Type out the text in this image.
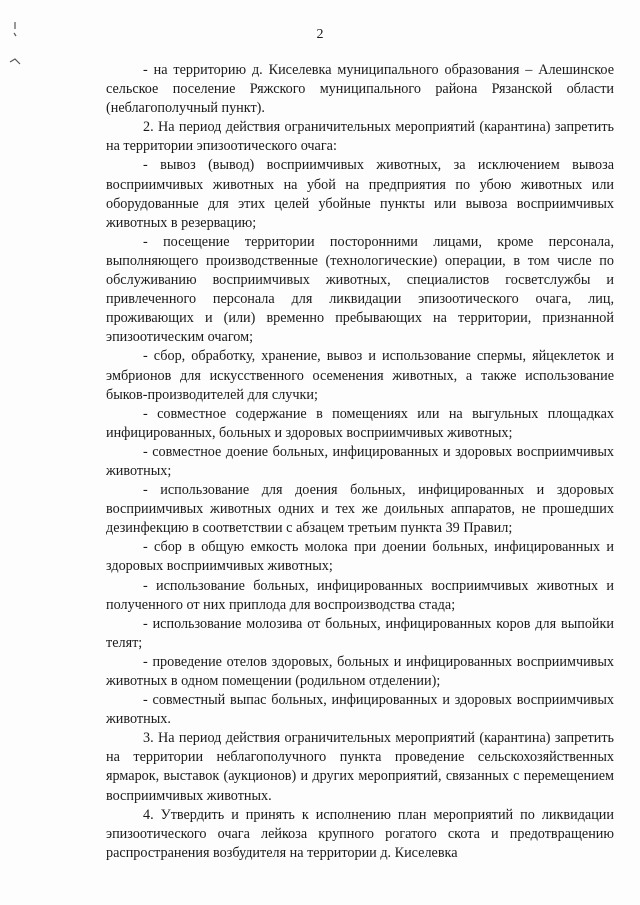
2

- на территорию д. Киселевка муниципального образования – Алешинское сельское поселение Ряжского муниципального района Рязанской области (неблагополучный пункт).

2. На период действия ограничительных мероприятий (карантина) запретить на территории эпизоотического очага:

- вывоз (вывод) восприимчивых животных, за исключением вывоза восприимчивых животных на убой на предприятия по убою животных или оборудованные для этих целей убойные пункты или вывоза восприимчивых животных в резервацию;

- посещение территории посторонними лицами, кроме персонала, выполняющего производственные (технологические) операции, в том числе по обслуживанию восприимчивых животных, специалистов госветслужбы и привлеченного персонала для ликвидации эпизоотического очага, лиц, проживающих и (или) временно пребывающих на территории, признанной эпизоотическим очагом;

- сбор, обработку, хранение, вывоз и использование спермы, яйцеклеток и эмбрионов для искусственного осеменения животных, а также использование быков-производителей для случки;

- совместное содержание в помещениях или на выгульных площадках инфицированных, больных и здоровых восприимчивых животных;

- совместное доение больных, инфицированных и здоровых восприимчивых животных;

- использование для доения больных, инфицированных и здоровых восприимчивых животных одних и тех же доильных аппаратов, не прошедших дезинфекцию в соответствии с абзацем третьим пункта 39 Правил;

- сбор в общую емкость молока при доении больных, инфицированных и здоровых восприимчивых животных;

- использование больных, инфицированных восприимчивых животных и полученного от них приплода для воспроизводства стада;

- использование молозива от больных, инфицированных коров для выпойки телят;

- проведение отелов здоровых, больных и инфицированных восприимчивых животных в одном помещении (родильном отделении);

- совместный выпас больных, инфицированных и здоровых восприимчивых животных.

3. На период действия ограничительных мероприятий (карантина) запретить на территории неблагополучного пункта проведение сельскохозяйственных ярмарок, выставок (аукционов) и других мероприятий, связанных с перемещением восприимчивых животных.

4. Утвердить и принять к исполнению план мероприятий по ликвидации эпизоотического очага лейкоза крупного рогатого скота и предотвращению распространения возбудителя на территории д. Киселевка
